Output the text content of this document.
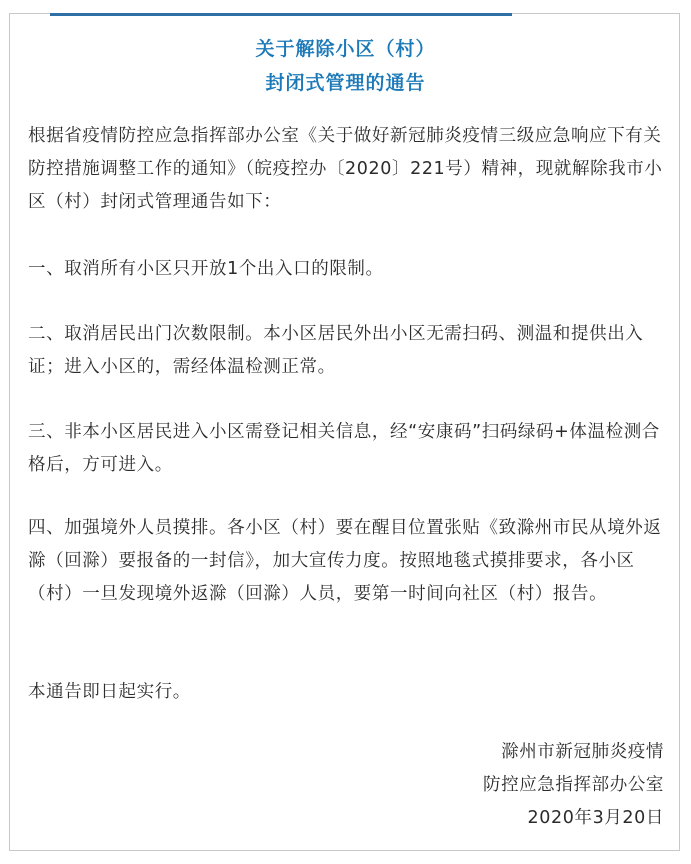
关于解除小区（村）
封闭式管理的通告
根据省疫情防控应急指挥部办公室《关于做好新冠肺炎疫情三级应急响应下有关防控措施调整工作的通知》（皖疫控办〔2020〕221号）精神，现就解除我市小区（村）封闭式管理通告如下：
一、取消所有小区只开放1个出入口的限制。
二、取消居民出门次数限制。本小区居民外出小区无需扫码、测温和提供出入证；进入小区的，需经体温检测正常。
三、非本小区居民进入小区需登记相关信息，经“安康码”扫码绿码+体温检测合格后，方可进入。
四、加强境外人员摸排。各小区（村）要在醒目位置张贴《致滁州市民从境外返滁（回滁）要报备的一封信》，加大宣传力度。按照地毯式摸排要求，各小区（村）一旦发现境外返滁（回滁）人员，要第一时间向社区（村）报告。
本通告即日起实行。
滁州市新冠肺炎疫情
防控应急指挥部办公室
2020年3月20日
